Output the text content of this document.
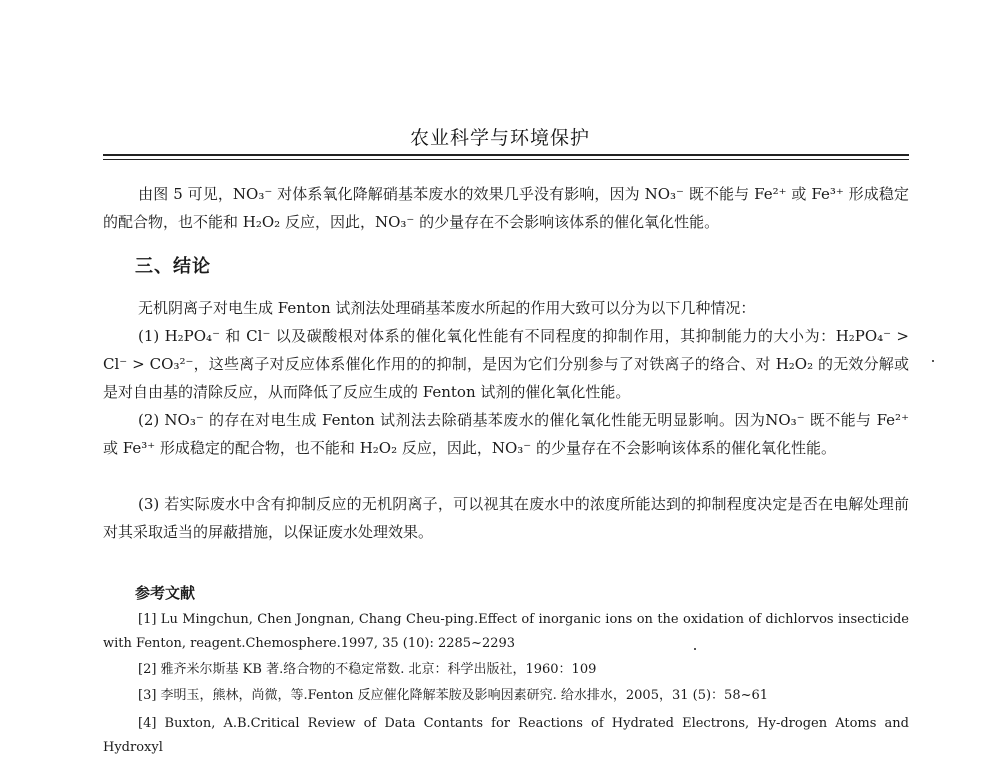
农业科学与环境保护

由图 5 可见，NO₃⁻ 对体系氧化降解硝基苯废水的效果几乎没有影响，因为 NO₃⁻ 既不能与 Fe²⁺ 或 Fe³⁺ 形成稳定的配合物，也不能和 H₂O₂ 反应，因此，NO₃⁻ 的少量存在不会影响该体系的催化氧化性能。

三、结论

无机阴离子对电生成 Fenton 试剂法处理硝基苯废水所起的作用大致可以分为以下几种情况：

(1) H₂PO₄⁻ 和 Cl⁻ 以及碳酸根对体系的催化氧化性能有不同程度的抑制作用，其抑制能力的大小为：H₂PO₄⁻ > Cl⁻ > CO₃²⁻，这些离子对反应体系催化作用的的抑制，是因为它们分别参与了对铁离子的络合、对 H₂O₂ 的无效分解或是对自由基的清除反应，从而降低了反应生成的 Fenton 试剂的催化氧化性能。

(2) NO₃⁻ 的存在对电生成 Fenton 试剂法去除硝基苯废水的催化氧化性能无明显影响。因为NO₃⁻ 既不能与 Fe²⁺ 或 Fe³⁺ 形成稳定的配合物，也不能和 H₂O₂ 反应，因此，NO₃⁻ 的少量存在不会影响该体系的催化氧化性能。

(3) 若实际废水中含有抑制反应的无机阴离子，可以视其在废水中的浓度所能达到的抑制程度决定是否在电解处理前对其采取适当的屏蔽措施，以保证废水处理效果。

参考文献

[1] Lu Mingchun, Chen Jongnan, Chang Cheu-ping.Effect of inorganic ions on the oxidation of dichlorvos insecticide with Fenton, reagent.Chemosphere.1997, 35 (10): 2285~2293

[2] 雅齐米尔斯基 KB 著.络合物的不稳定常数. 北京：科学出版社，1960：109

[3] 李明玉，熊林，尚微，等.Fenton 反应催化降解苯胺及影响因素研究. 给水排水，2005，31 (5)：58~61

[4] Buxton, A.B.Critical Review of Data Contants for Reactions of Hydrated Electrons, Hy-drogen Atoms and Hydroxyl
